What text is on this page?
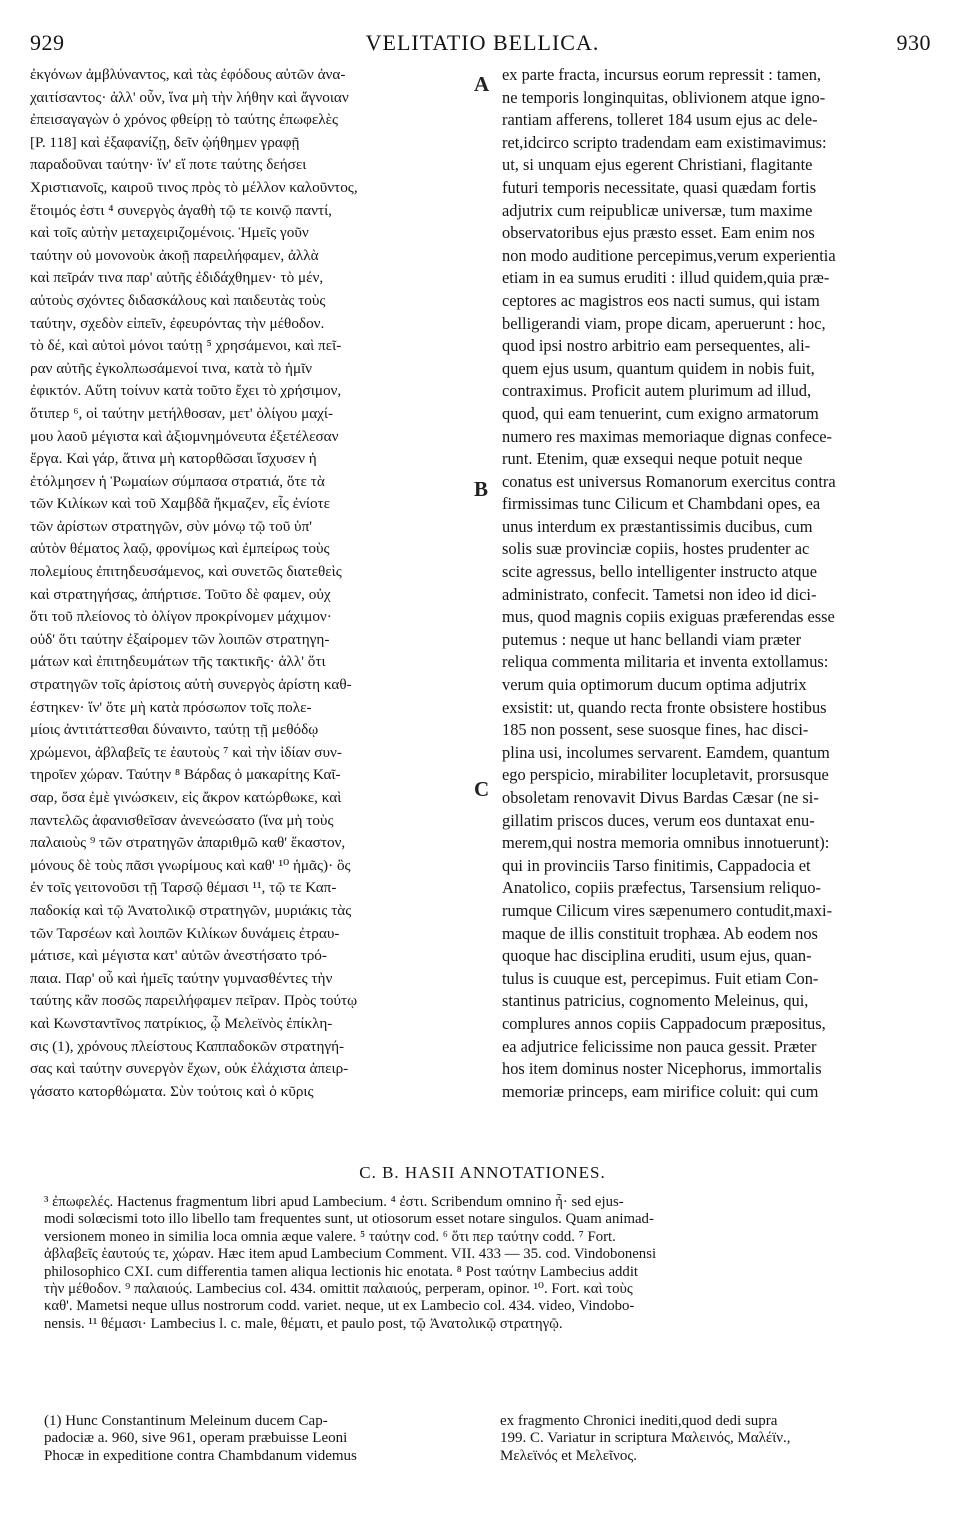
929	VELITATIO BELLICA.	930
ἐκγόνων ἀμβλύναντος, καὶ τὰς ἐφόδους αὐτῶν ἀνα-
χαιτίσαντος· ἀλλ' οὖν, ἵνα μὴ τὴν λήθην καὶ ἄγνοιαν
ἐπεισαγαγὼν ὁ χρόνος φθείρῃ τὸ ταύτης ἐπωφελὲς
[P. 118] καὶ ἐξαφανίζῃ, δεῖν ᾠήθημεν γραφῇ
παραδοῦναι ταύτην· ἵν' εἴ ποτε ταύτης δεήσει
Χριστιανοῖς, καιροῦ τινος πρὸς τὸ μέλλον καλοῦντος,
ἕτοιμός ἐστι ⁴ συνεργὸς ἀγαθὴ τῷ τε κοινῷ παντί,
καὶ τοῖς αὐτὴν μεταχειριζομένοις. Ἡμεῖς γοῦν
ταύτην οὐ μονονοὺκ ἀκοῇ παρειλήφαμεν, ἀλλὰ
καὶ πεῖράν τινα παρ' αὐτῆς ἐδιδάχθημεν· τὸ μέν,
αὐτοὺς σχόντες διδασκάλους καὶ παιδευτὰς τοὺς
ταύτην, σχεδὸν εἰπεῖν, ἐφευρόντας τὴν μέθοδον.
τὸ δέ, καὶ αὐτοὶ μόνοι ταύτῃ ⁵ χρησάμενοι, καὶ πεῖ-
ραν αὐτῆς ἐγκολπωσάμενοί τινα, κατὰ τὸ ἡμῖν
ἐφικτόν. Αὕτη τοίνυν κατὰ τοῦτο ἔχει τὸ χρήσιμον,
ὅτιπερ ⁶, οἱ ταύτην μετήλθοσαν, μετ' ὀλίγου μαχί-
μου λαοῦ μέγιστα καὶ ἀξιομνημόνευτα ἐξετέλεσαν
ἔργα. Καὶ γάρ, ἅτινα μὴ κατορθῶσαι ἴσχυσεν ἡ
ἐτόλμησεν ἡ Ῥωμαίων σύμπασα στρατιά, ὅτε τὰ
τῶν Κιλίκων καὶ τοῦ Χαμβδᾶ ἤκμαζεν, εἷς ἐνίοτε
τῶν ἀρίστων στρατηγῶν, σὺν μόνῳ τῷ τοῦ ὑπ'
αὐτὸν θέματος λαῷ, φρονίμως καὶ ἐμπείρως τοὺς
πολεμίους ἐπιτηδευσάμενος, καὶ συνετῶς διατεθεὶς
καὶ στρατηγήσας, ἀπήρτισε. Τοῦτο δὲ φαμεν, οὐχ
ὅτι τοῦ πλείονος τὸ ὀλίγον προκρίνομεν μάχιμον·
οὐδ' ὅτι ταύτην ἐξαίρομεν τῶν λοιπῶν στρατηγη-
μάτων καὶ ἐπιτηδευμάτων τῆς τακτικῆς· ἀλλ' ὅτι
στρατηγῶν τοῖς ἀρίστοις αὐτὴ συνεργὸς ἀρίστη καθ-
έστηκεν· ἵν' ὅτε μὴ κατὰ πρόσωπον τοῖς πολε-
μίοις ἀντιτάττεσθαι δύναιντο, ταύτῃ τῇ μεθόδῳ
χρώμενοι, ἀβλαβεῖς τε ἑαυτοὺς ⁷ καὶ τὴν ἰδίαν συν-
τηροῖεν χώραν. Ταύτην ⁸ Βάρδας ὁ μακαρίτης Καῖ-
σαρ, ὅσα ἐμὲ γινώσκειν, εἰς ἄκρον κατώρθωκε, καὶ
παντελῶς ἀφανισθεῖσαν ἀνενεώσατο (ἵνα μὴ τοὺς
παλαιοὺς ⁹ τῶν στρατηγῶν ἀπαριθμῶ καθ' ἕκαστον,
μόνους δὲ τοὺς πᾶσι γνωρίμους καὶ καθ' ¹⁰ ἡμᾶς)· ὃς
ἐν τοῖς γειτονοῦσι τῇ Ταρσῷ θέμασι ¹¹, τῷ τε Καπ-
παδοκίᾳ καὶ τῷ Ἀνατολικῷ στρατηγῶν, μυριάκις τὰς
τῶν Ταρσέων καὶ λοιπῶν Κιλίκων δυνάμεις ἐτραυ-
μάτισε, καὶ μέγιστα κατ' αὐτῶν ἀνεστήσατο τρό-
παια. Παρ' οὗ καὶ ἡμεῖς ταύτην γυμνασθέντες τὴν
ταύτης κἂν ποσῶς παρειλήφαμεν πεῖραν. Πρὸς τούτῳ
καὶ Κωνσταντῖνος πατρίκιος, ᾧ Μελεϊνὸς ἐπίκλη-
σις (1), χρόνους πλείστους Καππαδοκῶν στρατηγή-
σας καὶ ταύτην συνεργὸν ἔχων, οὐκ ἐλάχιστα ἀπειρ-
γάσατο κατορθώματα. Σὺν τούτοις καὶ ὁ κῦρις
ex parte fracta, incursus eorum repressit : tamen,
ne temporis longinquitas, oblivionem atque igno-
rantiam afferens, tolleret 184 usum ejus ac dele-
ret,idcirco scripto tradendam eam existimavimus:
ut, si unquam ejus egerent Christiani, flagitante
futuri temporis necessitate, quasi quædam fortis
adjutrix cum reipublicæ universæ, tum maxime
observatoribus ejus præsto esset. Eam enim nos
non modo auditione percepimus,verum experientia
etiam in ea sumus eruditi : illud quidem,quia præ-
ceptores ac magistros eos nacti sumus, qui istam
belligerandi viam, prope dicam, aperuerunt : hoc,
quod ipsi nostro arbitrio eam persequentes, ali-
quem ejus usum, quantum quidem in nobis fuit,
contraximus. Proficit autem plurimum ad illud,
quod, qui eam tenuerint, cum exigno armatorum
numero res maximas memoriaque dignas confece-
runt. Etenim, quæ exsequi neque potuit neque
conatus est universus Romanorum exercitus contra
firmissimas tunc Cilicum et Chambdani opes, ea
unus interdum ex præstantissimis ducibus, cum
solis suæ provinciæ copiis, hostes prudenter ac
scite agressus, bello intelligenter instructo atque
administrato, confecit. Tametsi non ideo id dici-
mus, quod magnis copiis exiguas præferendas esse
putemus : neque ut hanc bellandi viam præter
reliqua commenta militaria et inventa extollamus:
verum quia optimorum ducum optima adjutrix
exsistit: ut, quando recta fronte obsistere hostibus
185 non possent, sese suosque fines, hac disci-
plina usi, incolumes servarent. Eamdem, quantum
ego perspicio, mirabiliter locupletavit, prorsusque
obsoletam renovavit Divus Bardas Cæsar (ne si-
gillatim priscos duces, verum eos duntaxat enu-
merem,qui nostra memoria omnibus innotuerunt):
qui in provinciis Tarso finitimis, Cappadocia et
Anatolico, copiis præfectus, Tarsensium reliquo-
rumque Cilicum vires sæpenumero contudit,maxi-
maque de illis constituit trophæa. Ab eodem nos
quoque hac disciplina eruditi, usum ejus, quan-
tulus is cuuque est, percepimus. Fuit etiam Con-
stantinus patricius, cognomento Meleinus, qui,
complures annos copiis Cappadocum præpositus,
ea adjutrice felicissime non pauca gessit. Præter
hos item dominus noster Nicephorus, immortalis
memoriæ princeps, eam mirifice coluit: qui cum
A
B
C
C. B. HASII ANNOTATIONES.
³ ἐπωφελές. Hactenus fragmentum libri apud Lambecium. ⁴ ἐστι. Scribendum omnino ἦ· sed ejus-
modi solœcismi toto illo libello tam frequentes sunt, ut otiosorum esset notare singulos. Quam animad-
versionem moneo in similia loca omnia æque valere. ⁵ ταύτην cod. ⁶ ὅτι περ ταύτην codd. ⁷ Fort.
ἀβλαβεῖς ἑαυτούς τε, χώραν. Hæc item apud Lambecium Comment. VII. 433 — 35. cod. Vindobonensi
philosophico CXI. cum differentia tamen aliqua lectionis hic enotata. ⁸ Post ταύτην Lambecius addit
τὴν μέθοδον. ⁹ παλαιούς. Lambecius col. 434. omittit παλαιούς, perperam, opinor. ¹⁰. Fort. καὶ τοὺς
καθ'. Mametsi neque ullus nostrorum codd. variet. neque, ut ex Lambecio col. 434. video, Vindobo-
nensis. ¹¹ θέμασι· Lambecius l. c. male, θέματι, et paulo post, τῷ Ἀνατολικῷ στρατηγῷ.
(1) Hunc Constantinum Meleinum ducem Cap-
padociæ a. 960, sive 961, operam præbuisse Leoni
Phocæ in expeditione contra Chambdanum videmus
ex fragmento Chronici inediti,quod dedi supra
199. C. Variatur in scriptura Μαλεινός, Μαλέϊν.,
Μελεϊνός et Μελεῖνος.
